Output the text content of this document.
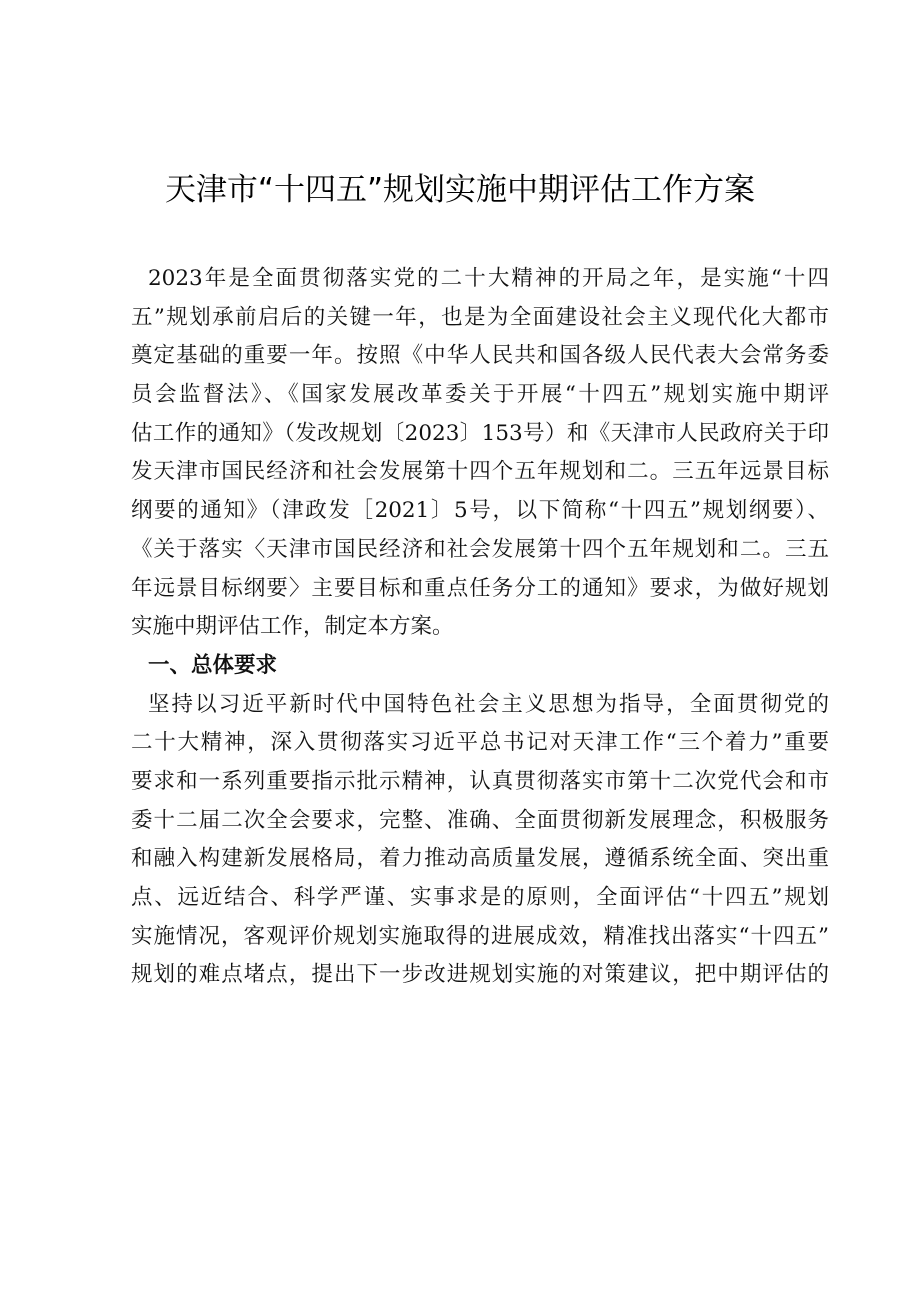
天津市“十四五”规划实施中期评估工作方案
2023年是全面贯彻落实党的二十大精神的开局之年，是实施“十四
五”规划承前启后的关键一年，也是为全面建设社会主义现代化大都市
奠定基础的重要一年。按照《中华人民共和国各级人民代表大会常务委
员会监督法》、《国家发展改革委关于开展“十四五”规划实施中期评
估工作的通知》（发改规划〔2023〕153号）和《天津市人民政府关于印
发天津市国民经济和社会发展第十四个五年规划和二。三五年远景目标
纲要的通知》（津政发［2021〕5号，以下简称“十四五”规划纲要）、
《关于落实〈天津市国民经济和社会发展第十四个五年规划和二。三五
年远景目标纲要〉主要目标和重点任务分工的通知》要求，为做好规划
实施中期评估工作，制定本方案。
一、总体要求
坚持以习近平新时代中国特色社会主义思想为指导，全面贯彻党的
二十大精神，深入贯彻落实习近平总书记对天津工作“三个着力”重要
要求和一系列重要指示批示精神，认真贯彻落实市第十二次党代会和市
委十二届二次全会要求，完整、准确、全面贯彻新发展理念，积极服务
和融入构建新发展格局，着力推动高质量发展，遵循系统全面、突出重
点、远近结合、科学严谨、实事求是的原则，全面评估“十四五”规划
实施情况，客观评价规划实施取得的进展成效，精准找出落实“十四五”
规划的难点堵点，提出下一步改进规划实施的对策建议，把中期评估的
